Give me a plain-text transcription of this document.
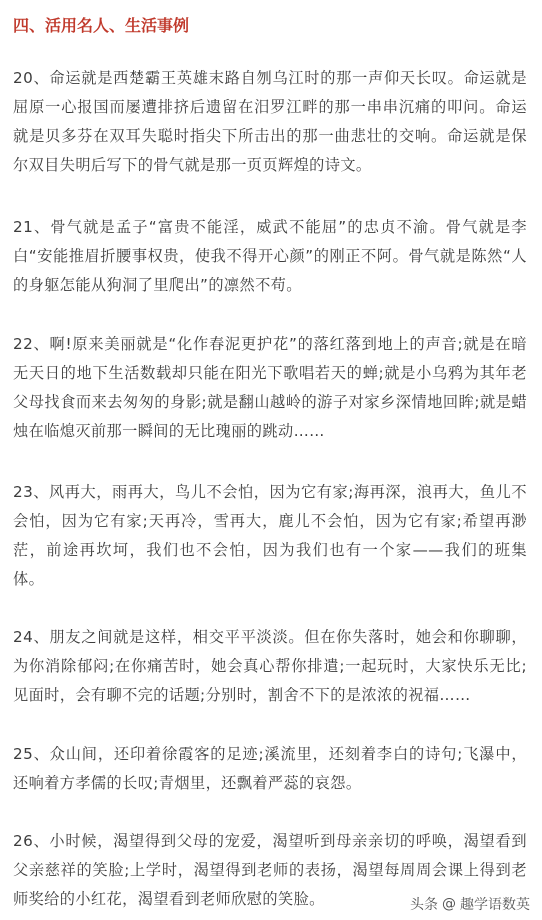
四、活用名人、生活事例
20、命运就是西楚霸王英雄末路自刎乌江时的那一声仰天长叹。命运就是屈原一心报国而屡遭排挤后遗留在汨罗江畔的那一串串沉痛的叩问。命运就是贝多芬在双耳失聪时指尖下所击出的那一曲悲壮的交响。命运就是保尔双目失明后写下的骨气就是那一页页辉煌的诗文。
21、骨气就是孟子“富贵不能淫，威武不能屈”的忠贞不渝。骨气就是李白“安能推眉折腰事权贵，使我不得开心颜”的刚正不阿。骨气就是陈然“人的身躯怎能从狗洞了里爬出”的凛然不苟。
22、啊!原来美丽就是“化作春泥更护花”的落红落到地上的声音;就是在暗无天日的地下生活数载却只能在阳光下歌唱若天的蝉;就是小乌鸦为其年老父母找食而来去匆匆的身影;就是翻山越岭的游子对家乡深情地回眸;就是蜡烛在临熄灭前那一瞬间的无比瑰丽的跳动……
23、风再大，雨再大，鸟儿不会怕，因为它有家;海再深，浪再大，鱼儿不会怕，因为它有家;天再冷，雪再大，鹿儿不会怕，因为它有家;希望再渺茫，前途再坎坷，我们也不会怕，因为我们也有一个家——我们的班集体。
24、朋友之间就是这样，相交平平淡淡。但在你失落时，她会和你聊聊，为你消除郁闷;在你痛苦时，她会真心帮你排遣;一起玩时，大家快乐无比;见面时，会有聊不完的话题;分别时，割舍不下的是浓浓的祝福……
25、众山间，还印着徐霞客的足迹;溪流里，还刻着李白的诗句;飞瀑中，还响着方孝儒的长叹;青烟里，还飘着严蕊的哀怨。
26、小时候，渴望得到父母的宠爱，渴望听到母亲亲切的呼唤，渴望看到父亲慈祥的笑脸;上学时，渴望得到老师的表扬，渴望每周周会课上得到老师奖给的小红花，渴望看到老师欣慰的笑脸。	头条 @ 趣学语数英
